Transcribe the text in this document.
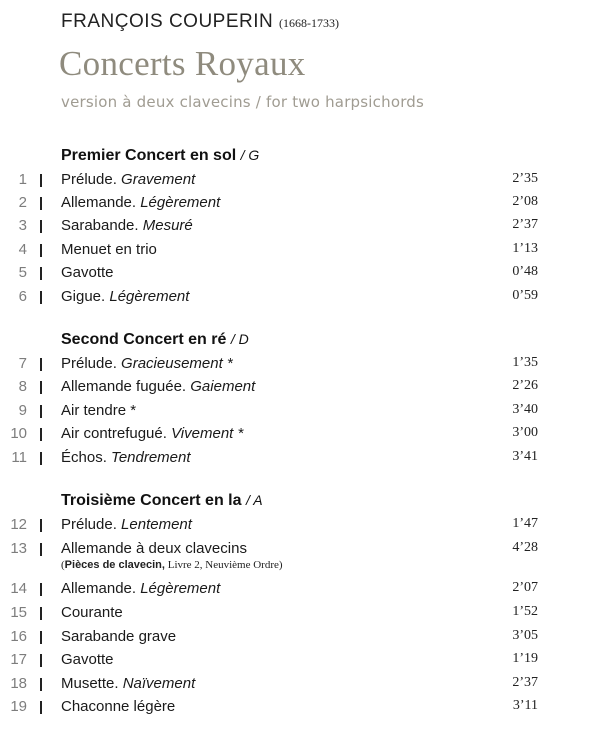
FRANÇOIS COUPERIN (1668-1733)
Concerts Royaux
version à deux clavecins / for two harpsichords
Premier Concert en sol / G
1 Prélude. Gravement	2’35
2 Allemande. Légèrement	2’08
3 Sarabande. Mesuré	2’37
4 Menuet en trio	1’13
5 Gavotte	0’48
6 Gigue. Légèrement	0’59
Second Concert en ré / D
7 Prélude. Gracieusement *	1’35
8 Allemande fuguée. Gaiement	2’26
9 Air tendre *	3’40
10 Air contrefugué. Vivement *	3’00
11 Échos. Tendrement	3’41
Troisième Concert en la / A
12 Prélude. Lentement	1’47
13 Allemande à deux clavecins	4’28
(Pièces de clavecin, Livre 2, Neuvième Ordre)
14 Allemande. Légèrement	2’07
15 Courante	1’52
16 Sarabande grave	3’05
17 Gavotte	1’19
18 Musette. Naïvement	2’37
19 Chaconne légère	3’11
